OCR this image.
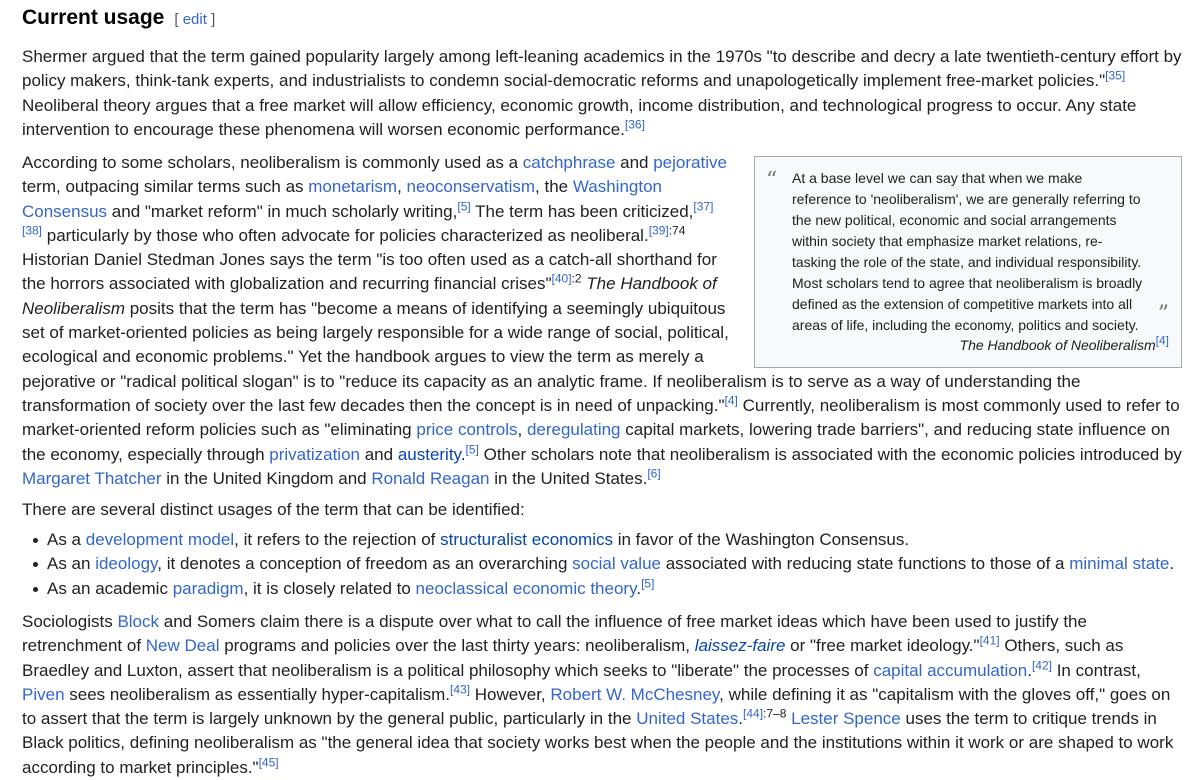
Current usage [ edit ]

Shermer argued that the term gained popularity largely among left-leaning academics in the 1970s "to describe and decry a late twentieth-century effort by policy makers, think-tank experts, and industrialists to condemn social-democratic reforms and unapologetically implement free-market policies."[35] Neoliberal theory argues that a free market will allow efficiency, economic growth, income distribution, and technological progress to occur. Any state intervention to encourage these phenomena will worsen economic performance.[36]

“ At a base level we can say that when we make reference to 'neoliberalism', we are generally referring to the new political, economic and social arrangements within society that emphasize market relations, re-tasking the role of the state, and individual responsibility. Most scholars tend to agree that neoliberalism is broadly defined as the extension of competitive markets into all areas of life, including the economy, politics and society. ”
The Handbook of Neoliberalism[4]
According to some scholars, neoliberalism is commonly used as a catchphrase and pejorative term, outpacing similar terms such as monetarism, neoconservatism, the Washington Consensus and "market reform" in much scholarly writing,[5] The term has been criticized,[37][38] particularly by those who often advocate for policies characterized as neoliberal.$^{[39]:74}$ Historian Daniel Stedman Jones says the term "is too often used as a catch-all shorthand for the horrors associated with globalization and recurring financial crises"$^{[40]:2}$ The Handbook of Neoliberalism posits that the term has "become a means of identifying a seemingly ubiquitous set of market-oriented policies as being largely responsible for a wide range of social, political, ecological and economic problems." Yet the handbook argues to view the term as merely a pejorative or "radical political slogan" is to "reduce its capacity as an analytic frame. If neoliberalism is to serve as a way of understanding the transformation of society over the last few decades then the concept is in need of unpacking."[4] Currently, neoliberalism is most commonly used to refer to market-oriented reform policies such as "eliminating price controls, deregulating capital markets, lowering trade barriers", and reducing state influence on the economy, especially through privatization and austerity.[5] Other scholars note that neoliberalism is associated with the economic policies introduced by Margaret Thatcher in the United Kingdom and Ronald Reagan in the United States.[6]

There are several distinct usages of the term that can be identified:

As a development model, it refers to the rejection of structuralist economics in favor of the Washington Consensus.
As an ideology, it denotes a conception of freedom as an overarching social value associated with reducing state functions to those of a minimal state.
As an academic paradigm, it is closely related to neoclassical economic theory.[5]

Sociologists Block and Somers claim there is a dispute over what to call the influence of free market ideas which have been used to justify the retrenchment of New Deal programs and policies over the last thirty years: neoliberalism, laissez-faire or "free market ideology."[41] Others, such as Braedley and Luxton, assert that neoliberalism is a political philosophy which seeks to "liberate" the processes of capital accumulation.[42] In contrast, Piven sees neoliberalism as essentially hyper-capitalism.[43] However, Robert W. McChesney, while defining it as "capitalism with the gloves off," goes on to assert that the term is largely unknown by the general public, particularly in the United States.$^{[44]:7-8}$ Lester Spence uses the term to critique trends in Black politics, defining neoliberalism as "the general idea that society works best when the people and the institutions within it work or are shaped to work according to market principles."[45]
